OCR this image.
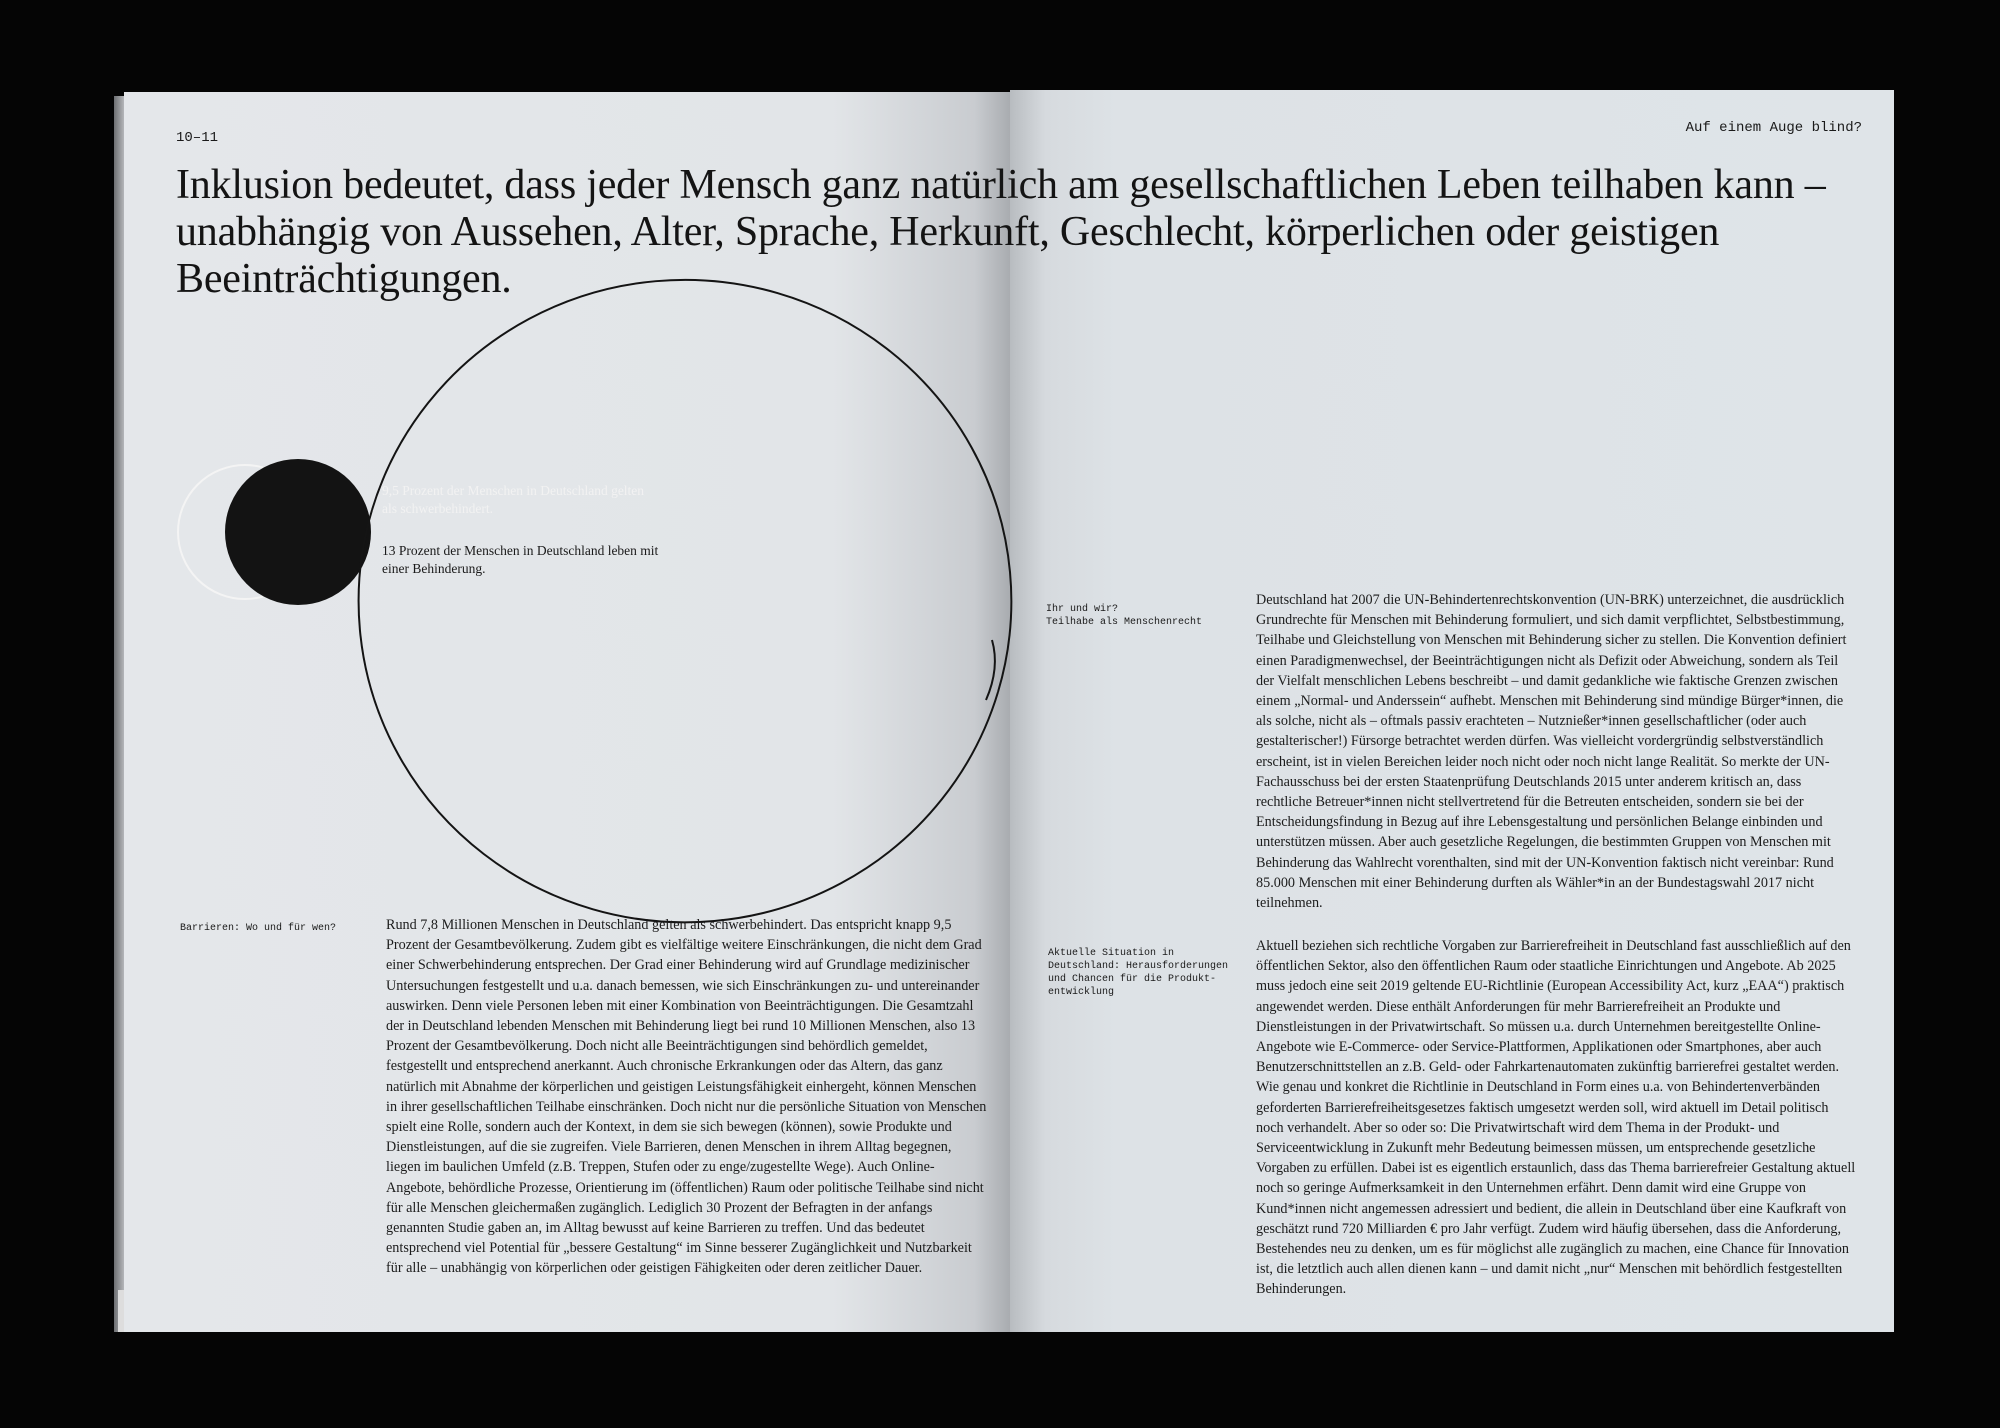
10–11
Auf einem Auge blind?
Inklusion bedeutet, dass jeder Mensch ganz natürlich am gesellschaftlichen Leben teilhaben kann – unabhängig von Aussehen, Alter, Sprache, Herkunft, Geschlecht, körperlichen oder geistigen Beeinträchtigungen.
9,5 Prozent der Menschen in Deutschland gelten als schwerbehindert.
13 Prozent der Menschen in Deutschland leben mit einer Behinderung.
Barrieren: Wo und für wen?	Rund 7,8 Millionen Menschen in Deutschland gelten als schwerbehindert. Das entspricht knapp 9,5 Prozent der Gesamtbevölkerung. Zudem gibt es vielfältige weitere Einschränkungen, die nicht dem Grad einer Schwerbehinderung entsprechen. Der Grad einer Behinderung wird auf Grundlage medizinischer Untersuchungen festgestellt und u.a. danach bemessen, wie sich Einschränkungen zu- und untereinander auswirken. Denn viele Personen leben mit einer Kombination von Beeinträchtigungen. Die Gesamtzahl der in Deutschland lebenden Menschen mit Behinderung liegt bei rund 10 Millionen Menschen, also 13 Prozent der Gesamtbevölkerung. Doch nicht alle Beeinträchtigungen sind behördlich gemeldet, festgestellt und entsprechend anerkannt. Auch chronische Erkrankungen oder das Altern, das ganz natürlich mit Abnahme der körperlichen und geistigen Leistungsfähigkeit einhergeht, können Menschen in ihrer gesellschaftlichen Teilhabe einschränken. Doch nicht nur die persönliche Situation von Menschen spielt eine Rolle, sondern auch der Kontext, in dem sie sich bewegen (können), sowie Produkte und Dienstleistungen, auf die sie zugreifen. Viele Barrieren, denen Menschen in ihrem Alltag begegnen, liegen im baulichen Umfeld (z.B. Treppen, Stufen oder zu enge/zugestellte Wege). Auch Online-Angebote, behördliche Prozesse, Orientierung im (öffentlichen) Raum oder politische Teilhabe sind nicht für alle Menschen gleichermaßen zugänglich. Lediglich 30 Prozent der Befragten in der anfangs genannten Studie gaben an, im Alltag bewusst auf keine Barrieren zu treffen. Und das bedeutet entsprechend viel Potential für „bessere Gestaltung“ im Sinne besserer Zugänglichkeit und Nutzbarkeit für alle – unabhängig von körperlichen oder geistigen Fähigkeiten oder deren zeitlicher Dauer.

Ihr und wir?
Teilhabe als Menschenrecht

Deutschland hat 2007 die UN-Behindertenrechtskonvention (UN-BRK) unterzeichnet, die ausdrücklich Grundrechte für Menschen mit Behinderung formuliert, und sich damit verpflichtet, Selbstbestimmung, Teilhabe und Gleichstellung von Menschen mit Behinderung sicher zu stellen. Die Konvention definiert einen Paradigmenwechsel, der Beeinträchtigungen nicht als Defizit oder Abweichung, sondern als Teil der Vielfalt menschlichen Lebens beschreibt – und damit gedankliche wie faktische Grenzen zwischen einem „Normal- und Anderssein“ aufhebt. Menschen mit Behinderung sind mündige Bürger*innen, die als solche, nicht als – oftmals passiv erachteten – Nutznießer*innen gesellschaftlicher (oder auch gestalterischer!) Fürsorge betrachtet werden dürfen. Was vielleicht vordergründig selbstverständlich erscheint, ist in vielen Bereichen leider noch nicht oder noch nicht lange Realität. So merkte der UN-Fachausschuss bei der ersten Staatenprüfung Deutschlands 2015 unter anderem kritisch an, dass rechtliche Betreuer*innen nicht stellvertretend für die Betreuten entscheiden, sondern sie bei der Entscheidungsfindung in Bezug auf ihre Lebensgestaltung und persönlichen Belange einbinden und unterstützen müssen. Aber auch gesetzliche Regelungen, die bestimmten Gruppen von Menschen mit Behinderung das Wahlrecht vorenthalten, sind mit der UN-Konvention faktisch nicht vereinbar: Rund 85.000 Menschen mit einer Behinderung durften als Wähler*in an der Bundestagswahl 2017 nicht teilnehmen.

Aktuelle Situation in
Deutschland: Herausforderungen
und Chancen für die Produkt-
entwicklung

Aktuell beziehen sich rechtliche Vorgaben zur Barrierefreiheit in Deutschland fast ausschließlich auf den öffentlichen Sektor, also den öffentlichen Raum oder staatliche Einrichtungen und Angebote. Ab 2025 muss jedoch eine seit 2019 geltende EU-Richtlinie (European Accessibility Act, kurz „EAA“) praktisch angewendet werden. Diese enthält Anforderungen für mehr Barrierefreiheit an Produkte und Dienstleistungen in der Privatwirtschaft. So müssen u.a. durch Unternehmen bereitgestellte Online-Angebote wie E-Commerce- oder Service-Plattformen, Applikationen oder Smartphones, aber auch Benutzerschnittstellen an z.B. Geld- oder Fahrkartenautomaten zukünftig barrierefrei gestaltet werden. Wie genau und konkret die Richtlinie in Deutschland in Form eines u.a. von Behindertenverbänden geforderten Barrierefreiheitsgesetzes faktisch umgesetzt werden soll, wird aktuell im Detail politisch noch verhandelt. Aber so oder so: Die Privatwirtschaft wird dem Thema in der Produkt- und Serviceentwicklung in Zukunft mehr Bedeutung beimessen müssen, um entsprechende gesetzliche Vorgaben zu erfüllen. Dabei ist es eigentlich erstaunlich, dass das Thema barrierefreier Gestaltung aktuell noch so geringe Aufmerksamkeit in den Unternehmen erfährt. Denn damit wird eine Gruppe von Kund*innen nicht angemessen adressiert und bedient, die allein in Deutschland über eine Kaufkraft von geschätzt rund 720 Milliarden € pro Jahr verfügt. Zudem wird häufig übersehen, dass die Anforderung, Bestehendes neu zu denken, um es für möglichst alle zugänglich zu machen, eine Chance für Innovation ist, die letztlich auch allen dienen kann – und damit nicht „nur“ Menschen mit behördlich festgestellten Behinderungen.
